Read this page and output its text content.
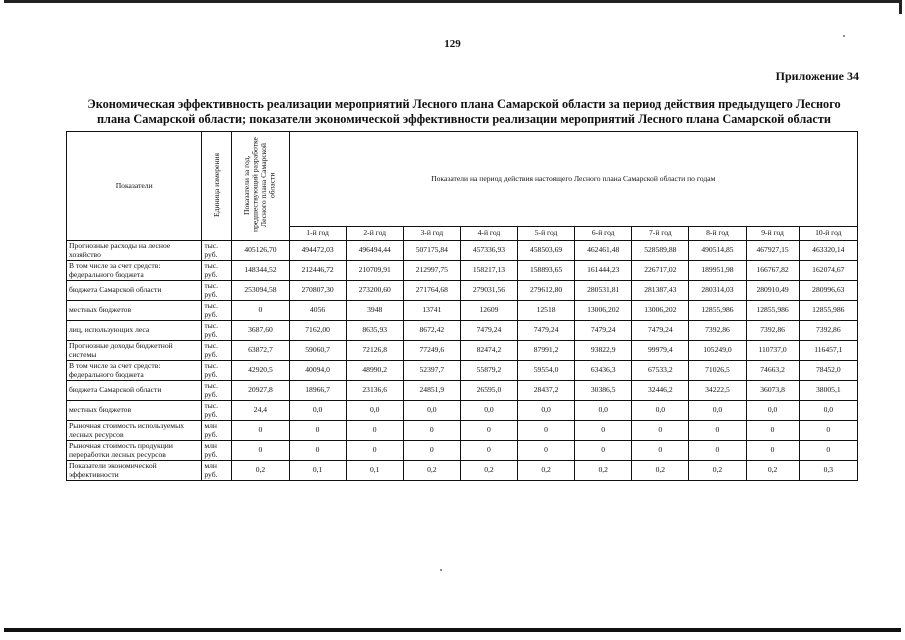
129
Приложение 34
Экономическая эффективность реализации мероприятий Лесного плана Самарской области за период действия предыдущего Лесного
плана Самарской области; показатели экономической эффективности реализации мероприятий Лесного плана Самарской области
Показатели	Единица измерения	Показатели за год, предшествующий разработке Лесного плана Самарской области	Показатели на период действия настоящего Лесного плана Самарской области по годам									
			1-й год	2-й год	3-й год	4-й год	5-й год	6-й год	7-й год	8-й год	9-й год	10-й год
Прогнозные расходы на лесное хозяйство	тыс. руб.	405126,70	494472,03	496494,44	507175,84	457336,93	458503,69	462461,48	528589,88	490514,85	467927,15	463320,14
В том числе за счет средств: федерального бюджета	тыс. руб.	148344,52	212446,72	210709,91	212997,75	158217,13	158893,65	161444,23	226717,02	189951,98	166767,82	162074,67
бюджета Самарской области	тыс. руб.	253094,58	270807,30	273200,60	271764,68	279031,56	279612,80	280531,81	281387,43	280314,03	280910,49	280996,63
местных бюджетов	тыс. руб.	0	4056	3948	13741	12609	12518	13006,202	13006,202	12855,986	12855,986	12855,986
лиц, использующих леса	тыс. руб.	3687,60	7162,00	8635,93	8672,42	7479,24	7479,24	7479,24	7479,24	7392,86	7392,86	7392,86
Прогнозные доходы бюджетной системы	тыс. руб.	63872,7	59060,7	72126,8	77249,6	82474,2	87991,2	93822,9	99979,4	105249,0	110737,0	116457,1
В том числе за счет средств: федерального бюджета	тыс. руб.	42920,5	40094,0	48990,2	52397,7	55879,2	59554,0	63436,3	67533,2	71026,5	74663,2	78452,0
бюджета Самарской области	тыс. руб.	20927,8	18966,7	23136,6	24851,9	26595,0	28437,2	30386,5	32446,2	34222,5	36073,8	38005,1
местных бюджетов	тыс. руб.	24,4	0,0	0,0	0,0	0,0	0,0	0,0	0,0	0,0	0,0	0,0
Рыночная стоимость используемых лесных ресурсов	млн руб.	0	0	0	0	0	0	0	0	0	0	0
Рыночная стоимость продукции переработки лесных ресурсов	млн руб.	0	0	0	0	0	0	0	0	0	0	0
Показатели экономической эффективности	млн руб.	0,2	0,1	0,1	0,2	0,2	0,2	0,2	0,2	0,2	0,2	0,3
